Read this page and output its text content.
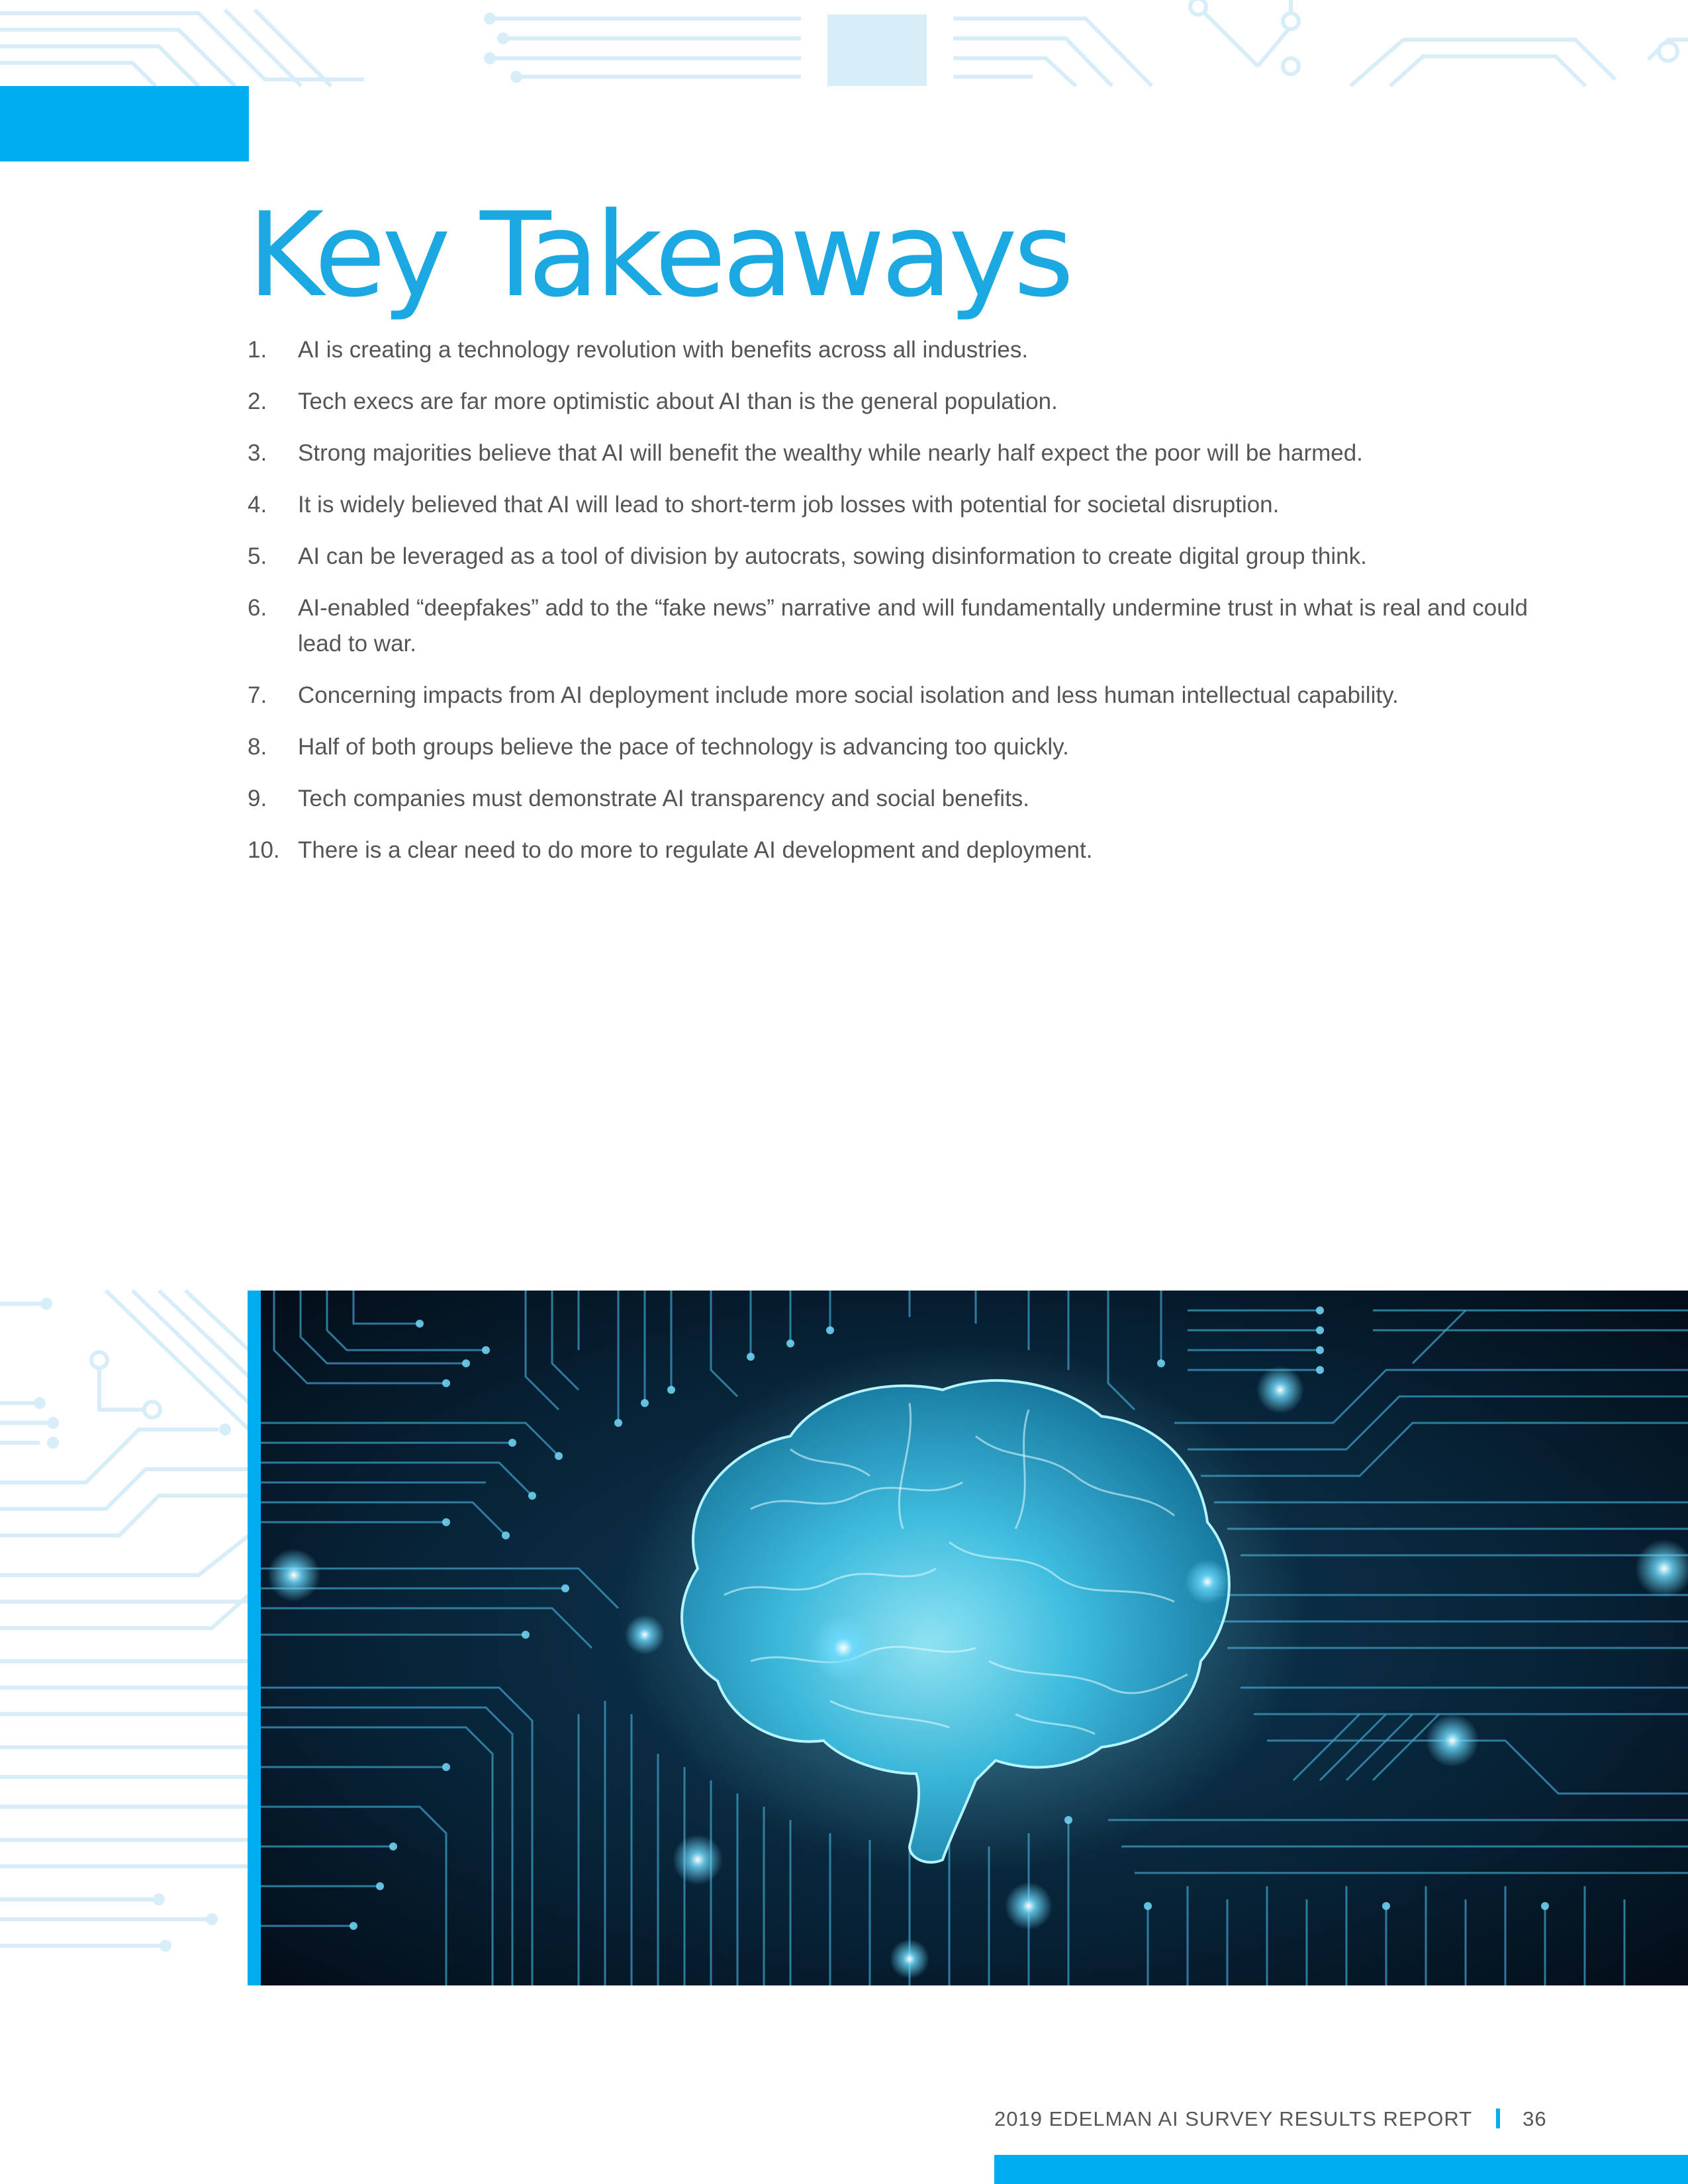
Key Takeaways
1.	AI is creating a technology revolution with benefits across all industries.
2.	Tech execs are far more optimistic about AI than is the general population.
3.	Strong majorities believe that AI will benefit the wealthy while nearly half expect the poor will be harmed.
4.	It is widely believed that AI will lead to short-term job losses with potential for societal disruption.
5.	AI can be leveraged as a tool of division by autocrats, sowing disinformation to create digital group think.
6.	AI-enabled “deepfakes” add to the “fake news” narrative and will fundamentally undermine trust in what is real and could lead to war.
7.	Concerning impacts from AI deployment include more social isolation and less human intellectual capability.
8.	Half of both groups believe the pace of technology is advancing too quickly.
9.	Tech companies must demonstrate AI transparency and social benefits.
10. There is a clear need to do more to regulate AI development and deployment.
2019 EDELMAN AI SURVEY RESULTS REPORT 36
